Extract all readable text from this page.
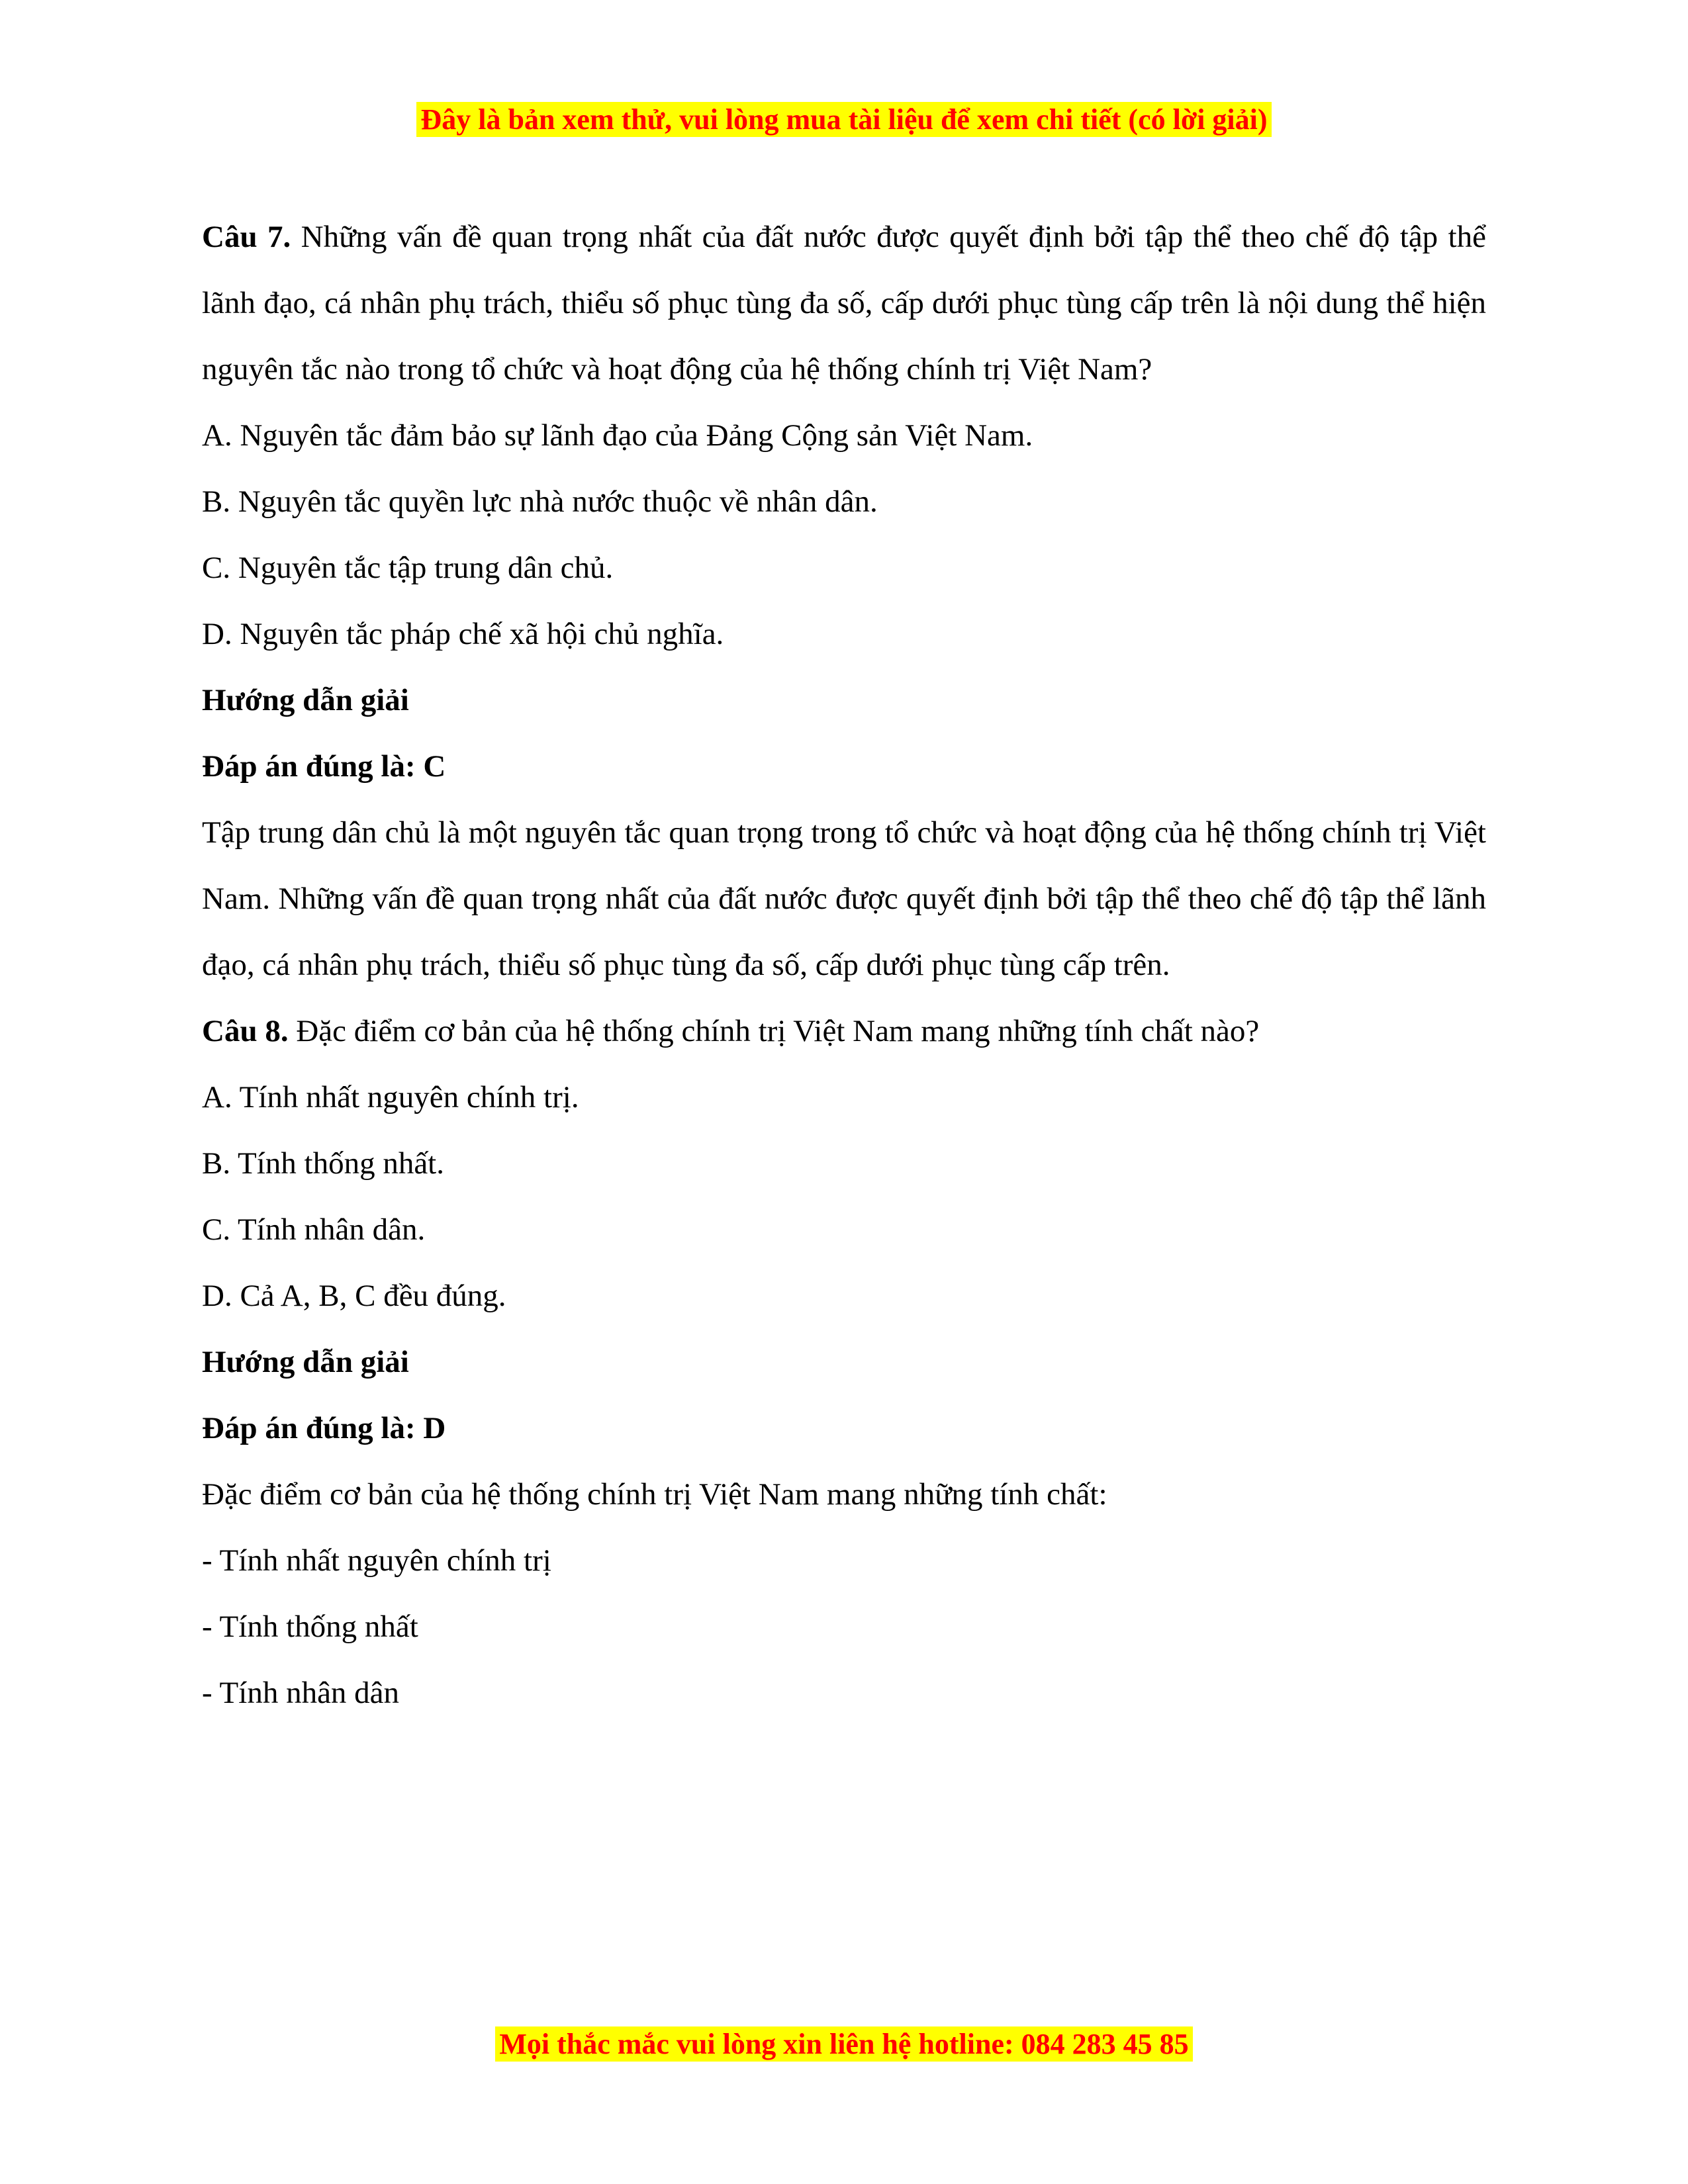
Đây là bản xem thử, vui lòng mua tài liệu để xem chi tiết (có lời giải)

Câu 7. Những vấn đề quan trọng nhất của đất nước được quyết định bởi tập thể theo chế độ tập thể lãnh đạo, cá nhân phụ trách, thiểu số phục tùng đa số, cấp dưới phục tùng cấp trên là nội dung thể hiện nguyên tắc nào trong tổ chức và hoạt động của hệ thống chính trị Việt Nam?

A. Nguyên tắc đảm bảo sự lãnh đạo của Đảng Cộng sản Việt Nam.

B. Nguyên tắc quyền lực nhà nước thuộc về nhân dân.

C. Nguyên tắc tập trung dân chủ.

D. Nguyên tắc pháp chế xã hội chủ nghĩa.

Hướng dẫn giải

Đáp án đúng là: C

Tập trung dân chủ là một nguyên tắc quan trọng trong tổ chức và hoạt động của hệ thống chính trị Việt Nam. Những vấn đề quan trọng nhất của đất nước được quyết định bởi tập thể theo chế độ tập thể lãnh đạo, cá nhân phụ trách, thiểu số phục tùng đa số, cấp dưới phục tùng cấp trên.

Câu 8. Đặc điểm cơ bản của hệ thống chính trị Việt Nam mang những tính chất nào?

A. Tính nhất nguyên chính trị.

B. Tính thống nhất.

C. Tính nhân dân.

D. Cả A, B, C đều đúng.

Hướng dẫn giải

Đáp án đúng là: D

Đặc điểm cơ bản của hệ thống chính trị Việt Nam mang những tính chất:

- Tính nhất nguyên chính trị

- Tính thống nhất

- Tính nhân dân

Mọi thắc mắc vui lòng xin liên hệ hotline: 084 283 45 85
